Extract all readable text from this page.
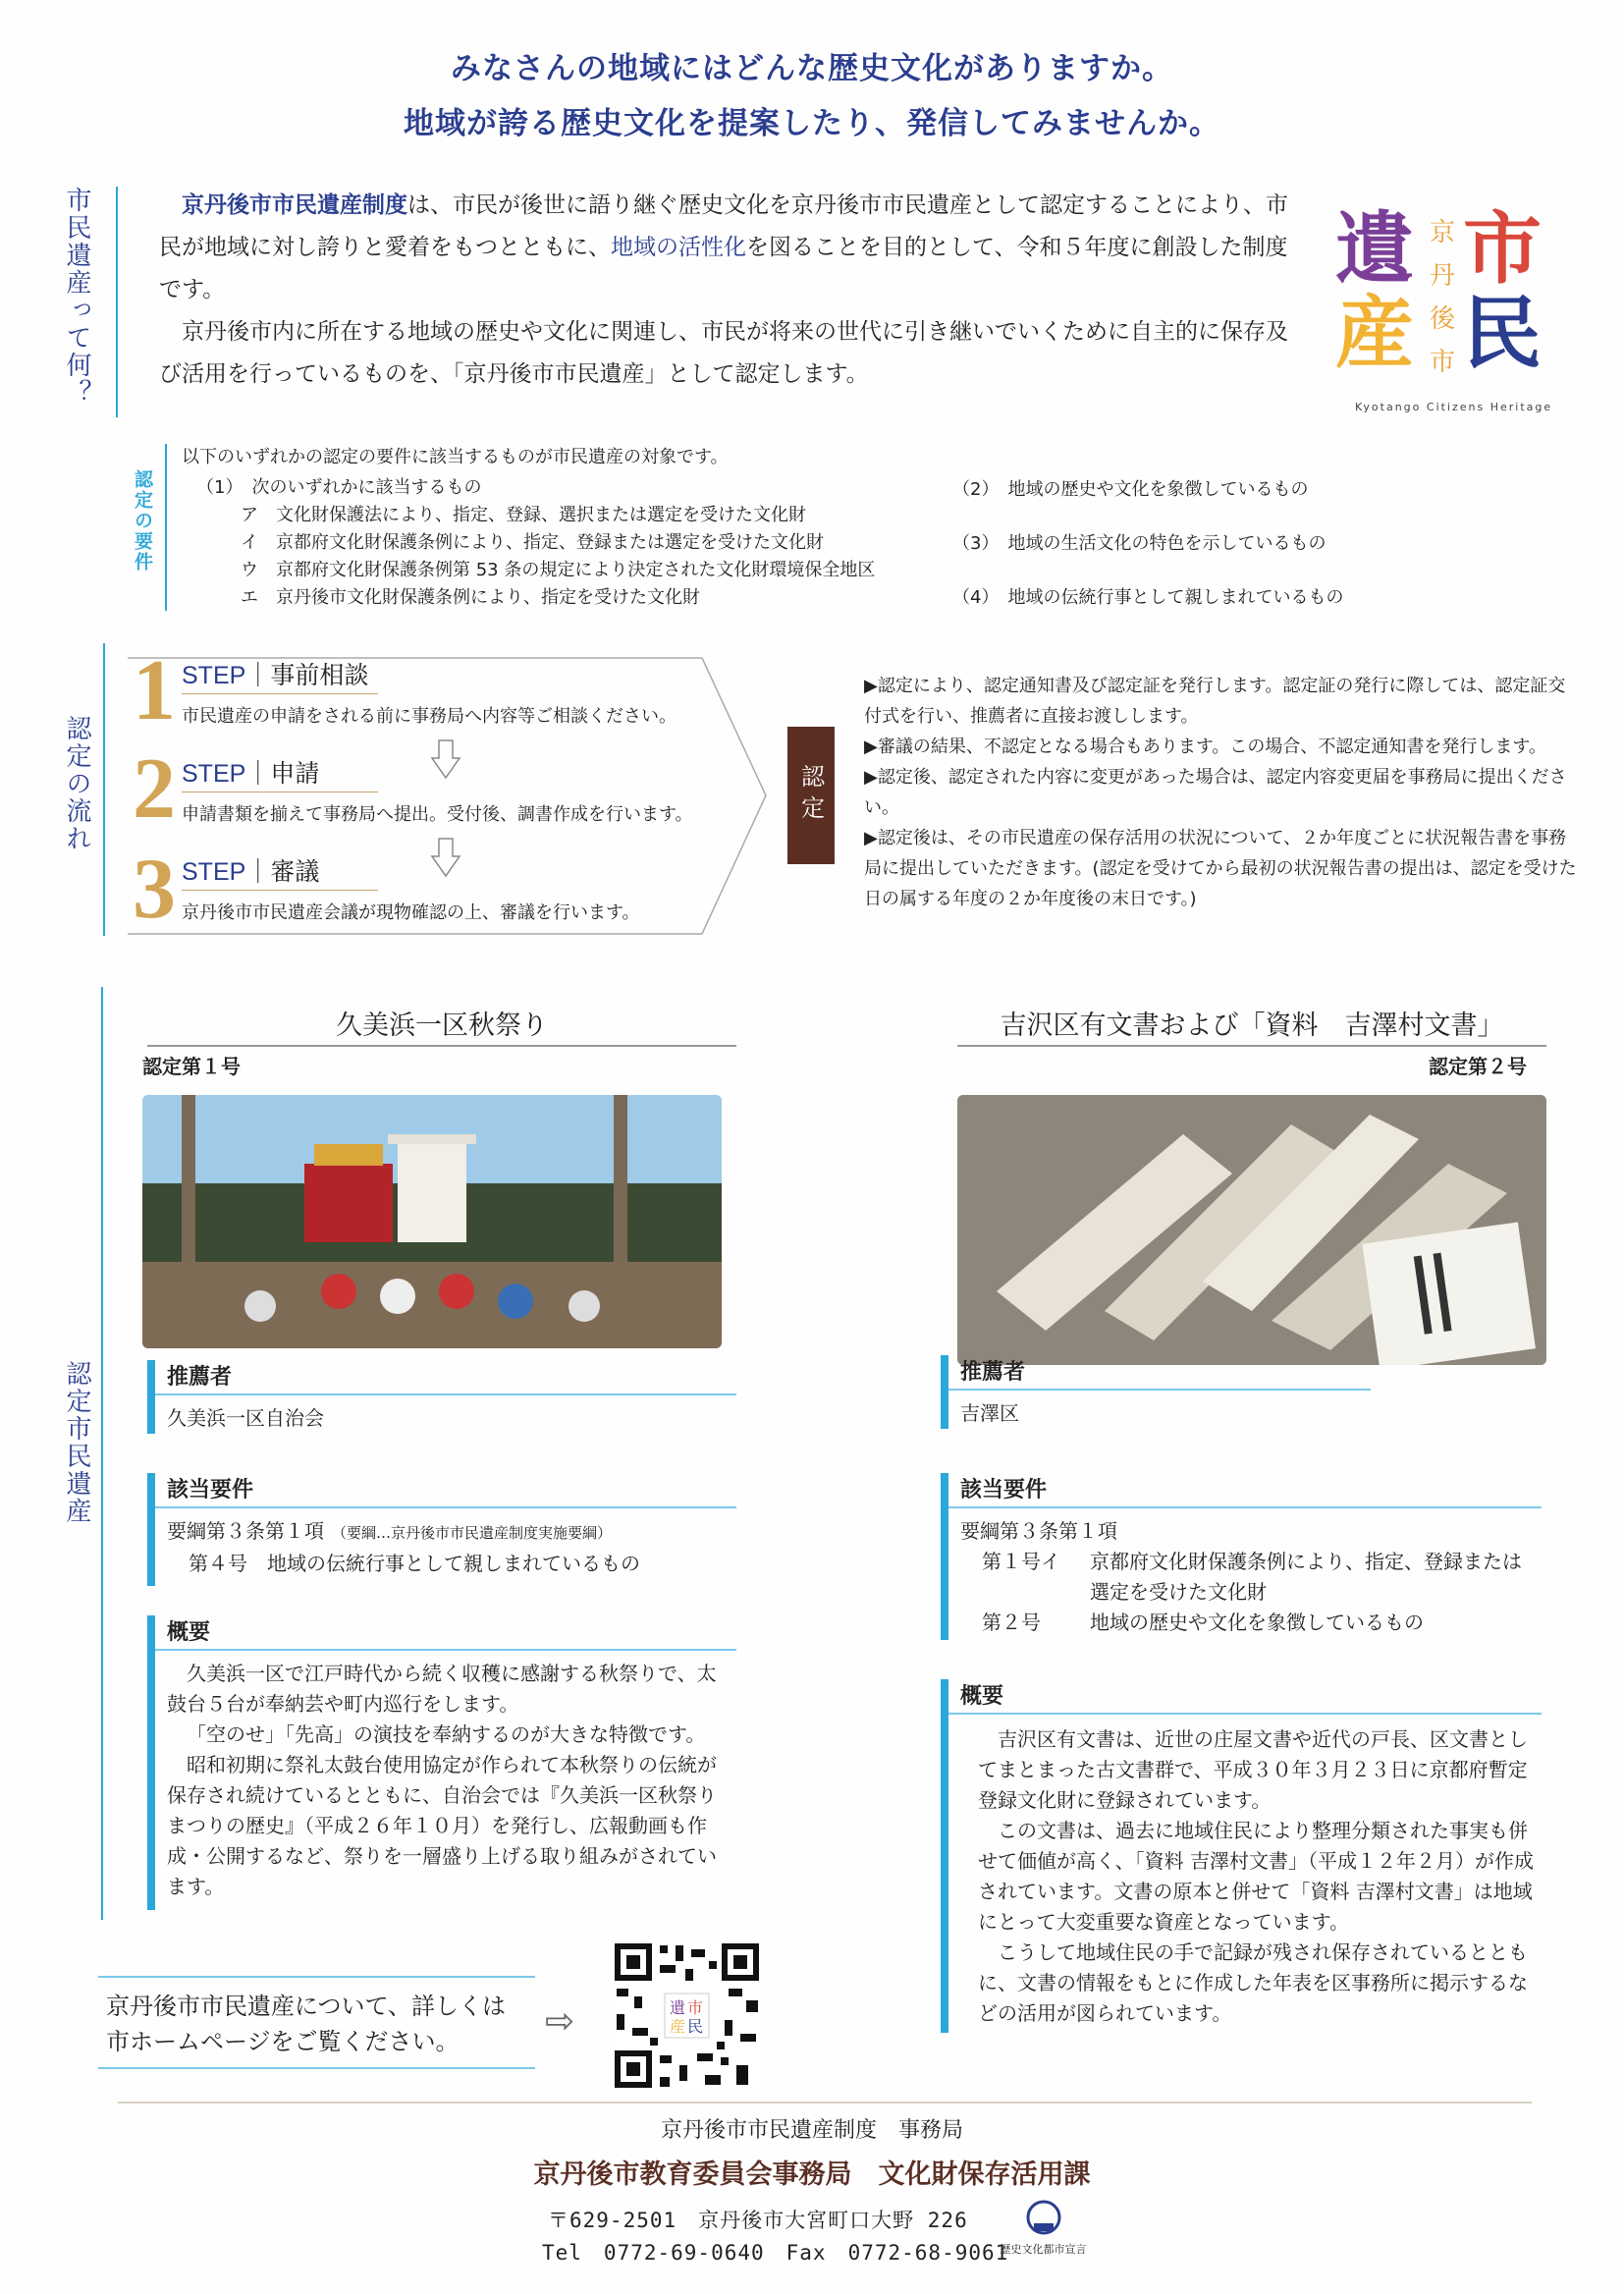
みなさんの地域にはどんな歴史文化がありますか。
地域が誇る歴史文化を提案したり、発信してみませんか。
市民遺産って何？	京丹後市市民遺産制度は、市民が後世に語り継ぐ歴史文化を京丹後市市民遺産として認定することにより、市民が地域に対し誇りと愛着をもつとともに、地域の活性化を図ることを目的として、令和５年度に創設した制度です。

京丹後市内に所在する地域の歴史や文化に関連し、市民が将来の世代に引き継いでいくために自主的に保存及び活用を行っているものを、「京丹後市市民遺産」として認定します。

遺
産
京
丹
後
市
市
民
Kyotango Citizens Heritage
認定の要件
以下のいずれかの認定の要件に該当するものが市民遺産の対象です。
（1）　次のいずれかに該当するもの
ア　文化財保護法により、指定、登録、選択または選定を受けた文化財
イ　京都府文化財保護条例により、指定、登録または選定を受けた文化財
ウ　京都府文化財保護条例第 53 条の規定により決定された文化財環境保全地区
エ　京丹後市文化財保護条例により、指定を受けた文化財
（2）　地域の歴史や文化を象徴しているもの
（3）　地域の生活文化の特色を示しているもの
（4）　地域の伝統行事として親しまれているもの
認定の流れ
1 STEP｜事前相談
市民遺産の申請をされる前に事務局へ内容等ご相談ください。
2 STEP｜申請
申請書類を揃えて事務局へ提出。受付後、調書作成を行います。
3 STEP｜審議
京丹後市市民遺産会議が現物確認の上、審議を行います。
認定
▶認定により、認定通知書及び認定証を発行します。認定証の発行に際しては、認定証交付式を行い、推薦者に直接お渡しします。
▶審議の結果、不認定となる場合もあります。この場合、不認定通知書を発行します。
▶認定後、認定された内容に変更があった場合は、認定内容変更届を事務局に提出ください。
▶認定後は、その市民遺産の保存活用の状況について、２か年度ごとに状況報告書を事務局に提出していただきます。(認定を受けてから最初の状況報告書の提出は、認定を受けた日の属する年度の２か年度後の末日です。)
認定市民遺産
久美浜一区秋祭り
認定第１号
推薦者
久美浜一区自治会
該当要件
要綱第３条第１項 （要綱…京丹後市市民遺産制度実施要綱）
第４号　地域の伝統行事として親しまれているもの
概要

久美浜一区で江戸時代から続く収穫に感謝する秋祭りで、太鼓台５台が奉納芸や町内巡行をします。

「空のせ」「先高」の演技を奉納するのが大きな特徴です。

昭和初期に祭礼太鼓台使用協定が作られて本秋祭りの伝統が保存され続けているとともに、自治会では『久美浜一区秋祭り まつりの歴史』（平成２６年１０月）を発行し、広報動画も作成・公開するなど、祭りを一層盛り上げる取り組みがされています。

吉沢区有文書および「資料　吉澤村文書」
認定第２号
推薦者
吉澤区
該当要件
要綱第３条第１項
第１号イ	京都府文化財保護条例により、指定、登録または選定を受けた文化財
第２号	地域の歴史や文化を象徴しているもの
概要

吉沢区有文書は、近世の庄屋文書や近代の戸長、区文書としてまとまった古文書群で、平成３０年３月２３日に京都府暫定登録文化財に登録されています。

この文書は、過去に地域住民により整理分類された事実も併せて価値が高く、「資料 吉澤村文書」（平成１２年２月）が作成されています。文書の原本と併せて「資料 吉澤村文書」は地域にとって大変重要な資産となっています。

こうして地域住民の手で記録が残され保存されているとともに、文書の情報をもとに作成した年表を区事務所に掲示するなどの活用が図られています。

京丹後市市民遺産について、詳しくは
市ホームページをご覧ください。	⇨	遺 市
産 民
京丹後市市民遺産制度　事務局
京丹後市教育委員会事務局　文化財保存活用課
〒629-2501　京丹後市大宮町口大野 226
Tel　0772-69-0640　Fax　0772-68-9061
歴史文化都市宣言
